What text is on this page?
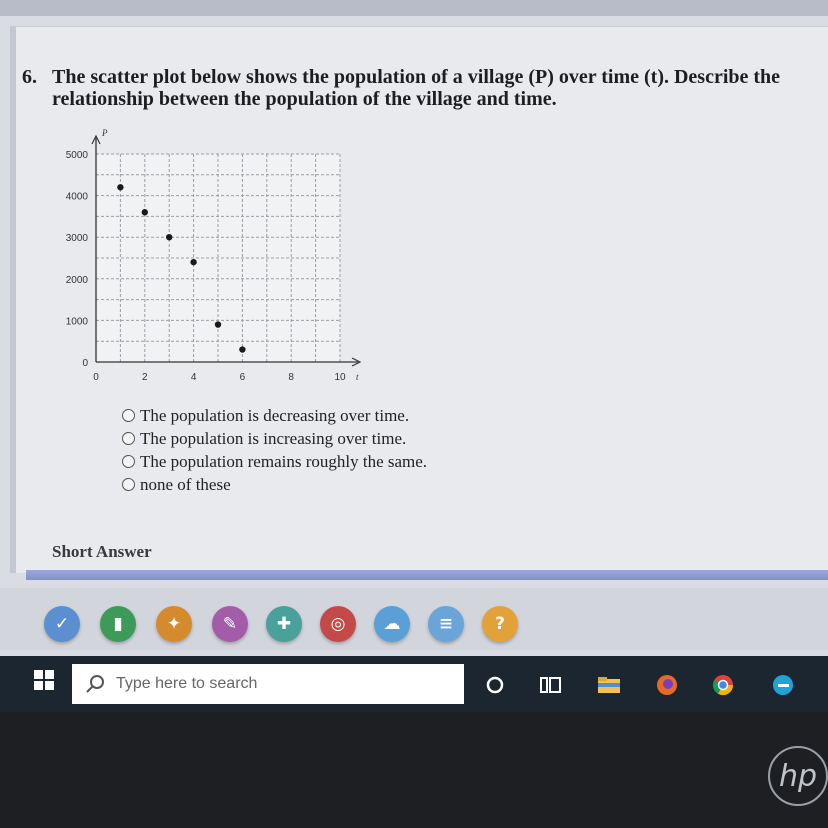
6. The scatter plot below shows the population of a village (P) over time (t). Describe the relationship between the population of the village and time.
0
1000
2000
3000
4000
5000
0	2	4	6	8	10 t
P
The population is decreasing over time.
The population is increasing over time.
The population remains roughly the same.
none of these
Short Answer
✓	▮	✦	✎	✚	◎	☁	≡	?
Type here to search
hp
